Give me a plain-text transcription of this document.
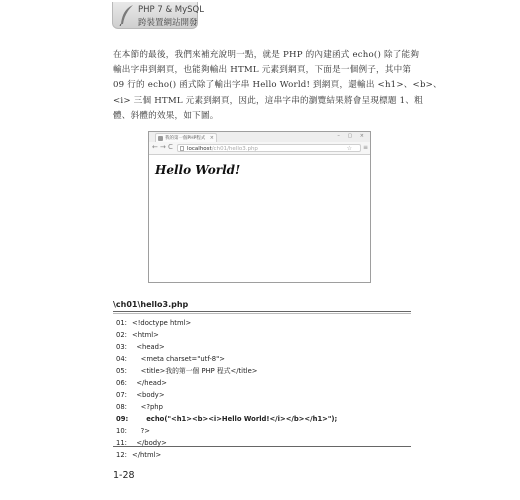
PHP 7 & MySQL
跨裝置網站開發
在本節的最後，我們來補充說明一點，就是 PHP 的內建函式 echo() 除了能夠
輸出字串到網頁，也能夠輸出 HTML 元素到網頁，下面是一個例子，其中第
09 行的 echo() 函式除了輸出字串 Hello World! 到網頁，還輸出 <h1>、<b>、
<i> 三個 HTML 元素到網頁，因此，這串字串的瀏覽結果將會呈現標題 1、粗
體、斜體的效果，如下圖。
我的第一個PHP程式 ×	– ▢ ×
← → C	localhost/ch01/hello3.php	☆ ≡
Hello World!
\ch01\hello3.php
01: <!doctype html>
02: <html>
03:  <head>
04:    <meta charset="utf-8">
05:    <title>我的第一個 PHP 程式</title>
06:  </head>
07:  <body>
08:    <?php
09:      echo("<h1><b><i>Hello World!</i></b></h1>");
10:    ?>
11:  </body>
12: </html>
1-28
